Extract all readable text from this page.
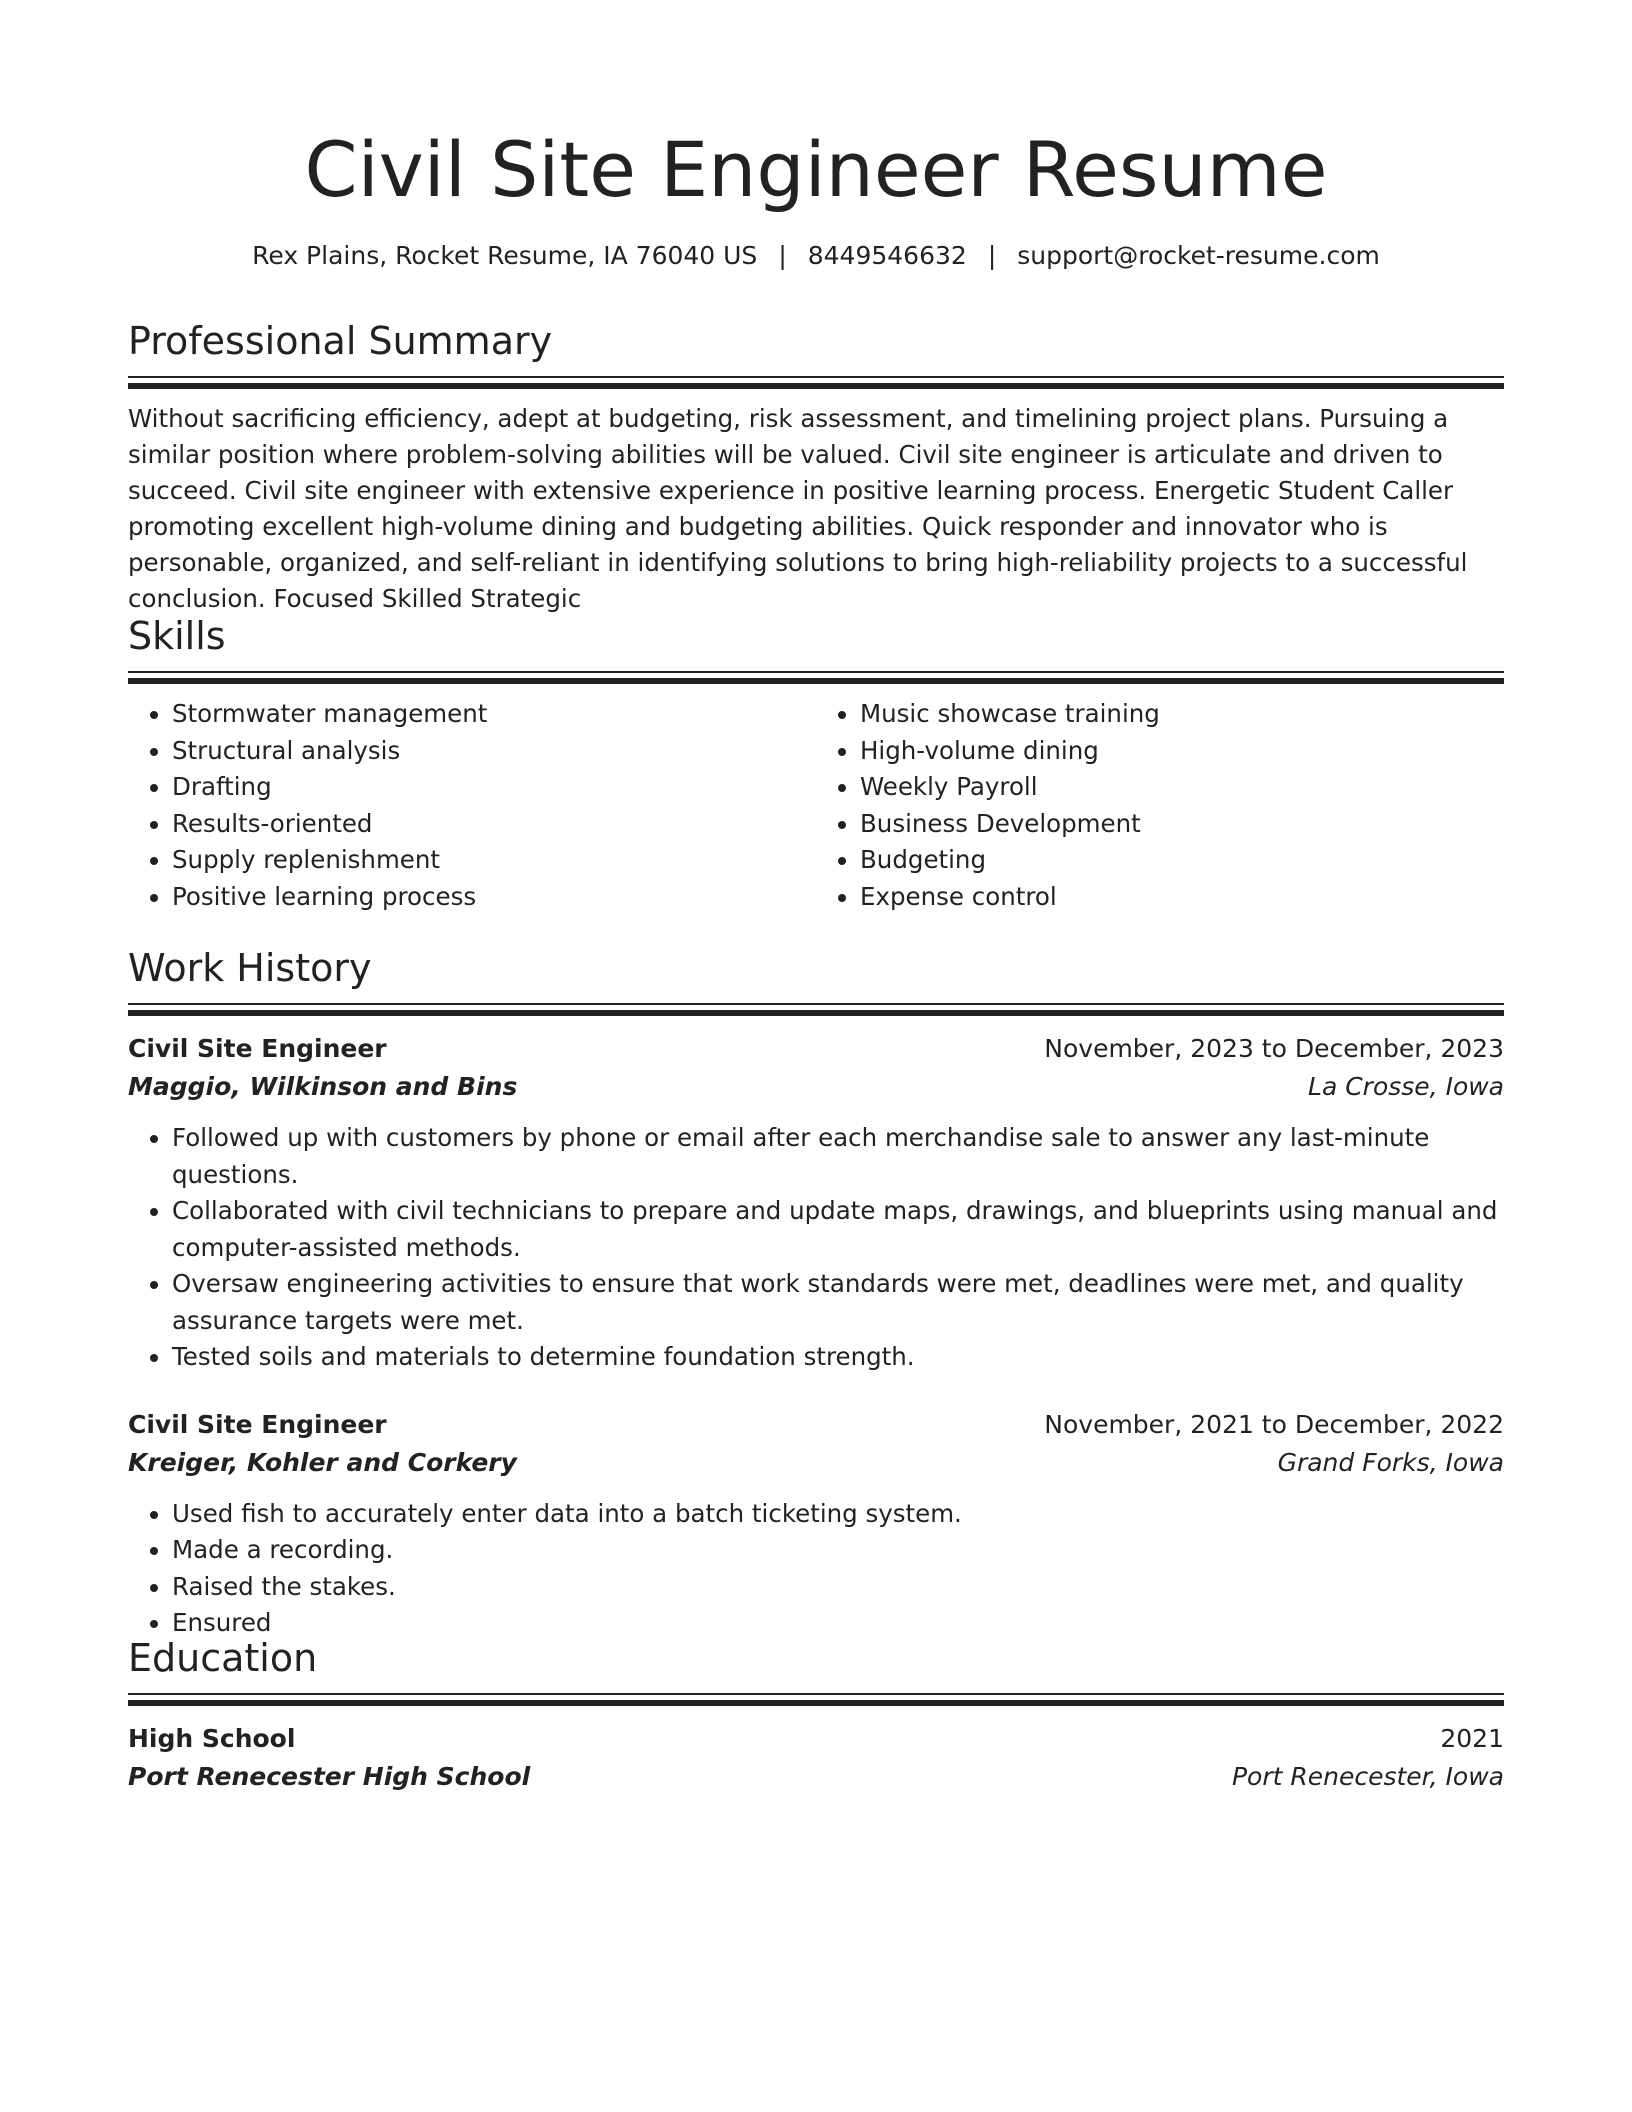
Civil Site Engineer Resume
Rex Plains, Rocket Resume, IA 76040 US | 8449546632 | support@rocket-resume.com
Professional Summary

Without sacrificing efficiency, adept at budgeting, risk assessment, and timelining project plans. Pursuing a similar position where problem-solving abilities will be valued. Civil site engineer is articulate and driven to succeed. Civil site engineer with extensive experience in positive learning process. Energetic Student Caller promoting excellent high-volume dining and budgeting abilities. Quick responder and innovator who is personable, organized, and self-reliant in identifying solutions to bring high-reliability projects to a successful conclusion. Focused Skilled Strategic

Skills
• Stormwater management
• Structural analysis
• Drafting
• Results-oriented
• Supply replenishment
• Positive learning process
• Music showcase training
• High-volume dining
• Weekly Payroll
• Business Development
• Budgeting
• Expense control
Work History
Civil Site Engineer	November, 2023 to December, 2023
Maggio, Wilkinson and Bins	La Crosse, Iowa
• Followed up with customers by phone or email after each merchandise sale to answer any last-minute questions.
• Collaborated with civil technicians to prepare and update maps, drawings, and blueprints using manual and computer-assisted methods.
• Oversaw engineering activities to ensure that work standards were met, deadlines were met, and quality assurance targets were met.
• Tested soils and materials to determine foundation strength.
Civil Site Engineer	November, 2021 to December, 2022
Kreiger, Kohler and Corkery	Grand Forks, Iowa
• Used fish to accurately enter data into a batch ticketing system.
• Made a recording.
• Raised the stakes.
• Ensured
Education
High School	2021
Port Renecester High School	Port Renecester, Iowa
